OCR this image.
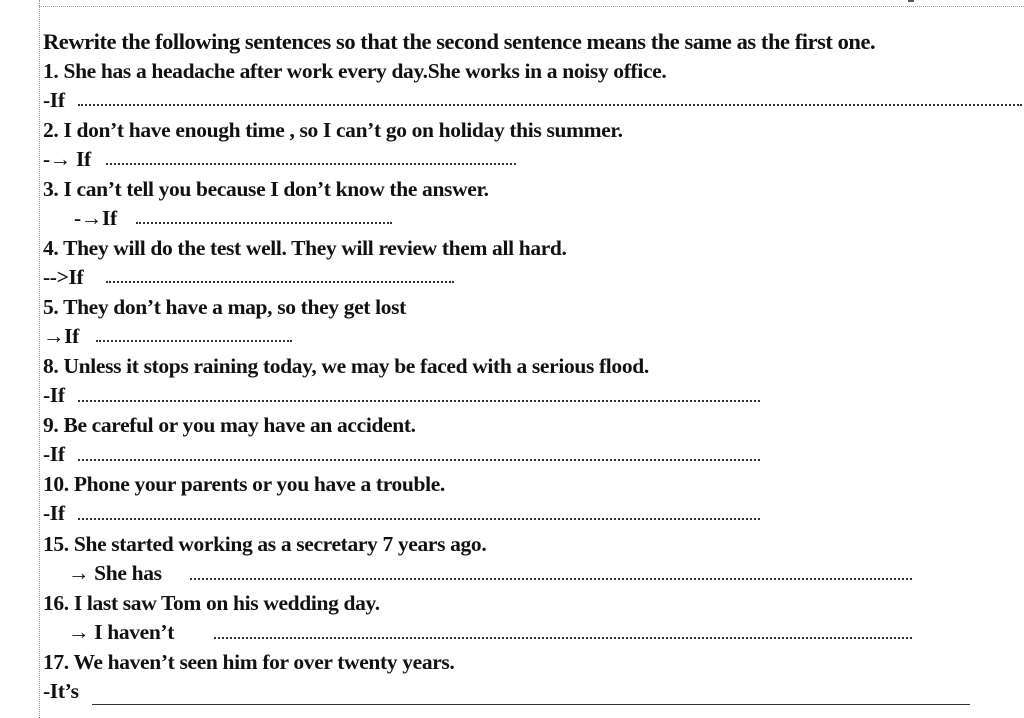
Rewrite the following sentences so that the second sentence means the same as the first one.
1. She has a headache after work every day.She works in a noisy office.
-If
2. I don’t have enough time , so I can’t go on holiday this summer.
-→ If
3. I can’t tell you because I don’t know the answer.
-→If
4. They will do the test well. They will review them all hard.
-->If
5. They don’t have a map, so they get lost
→If
8. Unless it stops raining today, we may be faced with a serious flood.
-If
9. Be careful or you may have an accident.
-If
10. Phone your parents or you have a trouble.
-If
15. She started working as a secretary 7 years ago.
→ She has
16. I last saw Tom on his wedding day.
→ I haven’t
17. We haven’t seen him for over twenty years.
-It’s
